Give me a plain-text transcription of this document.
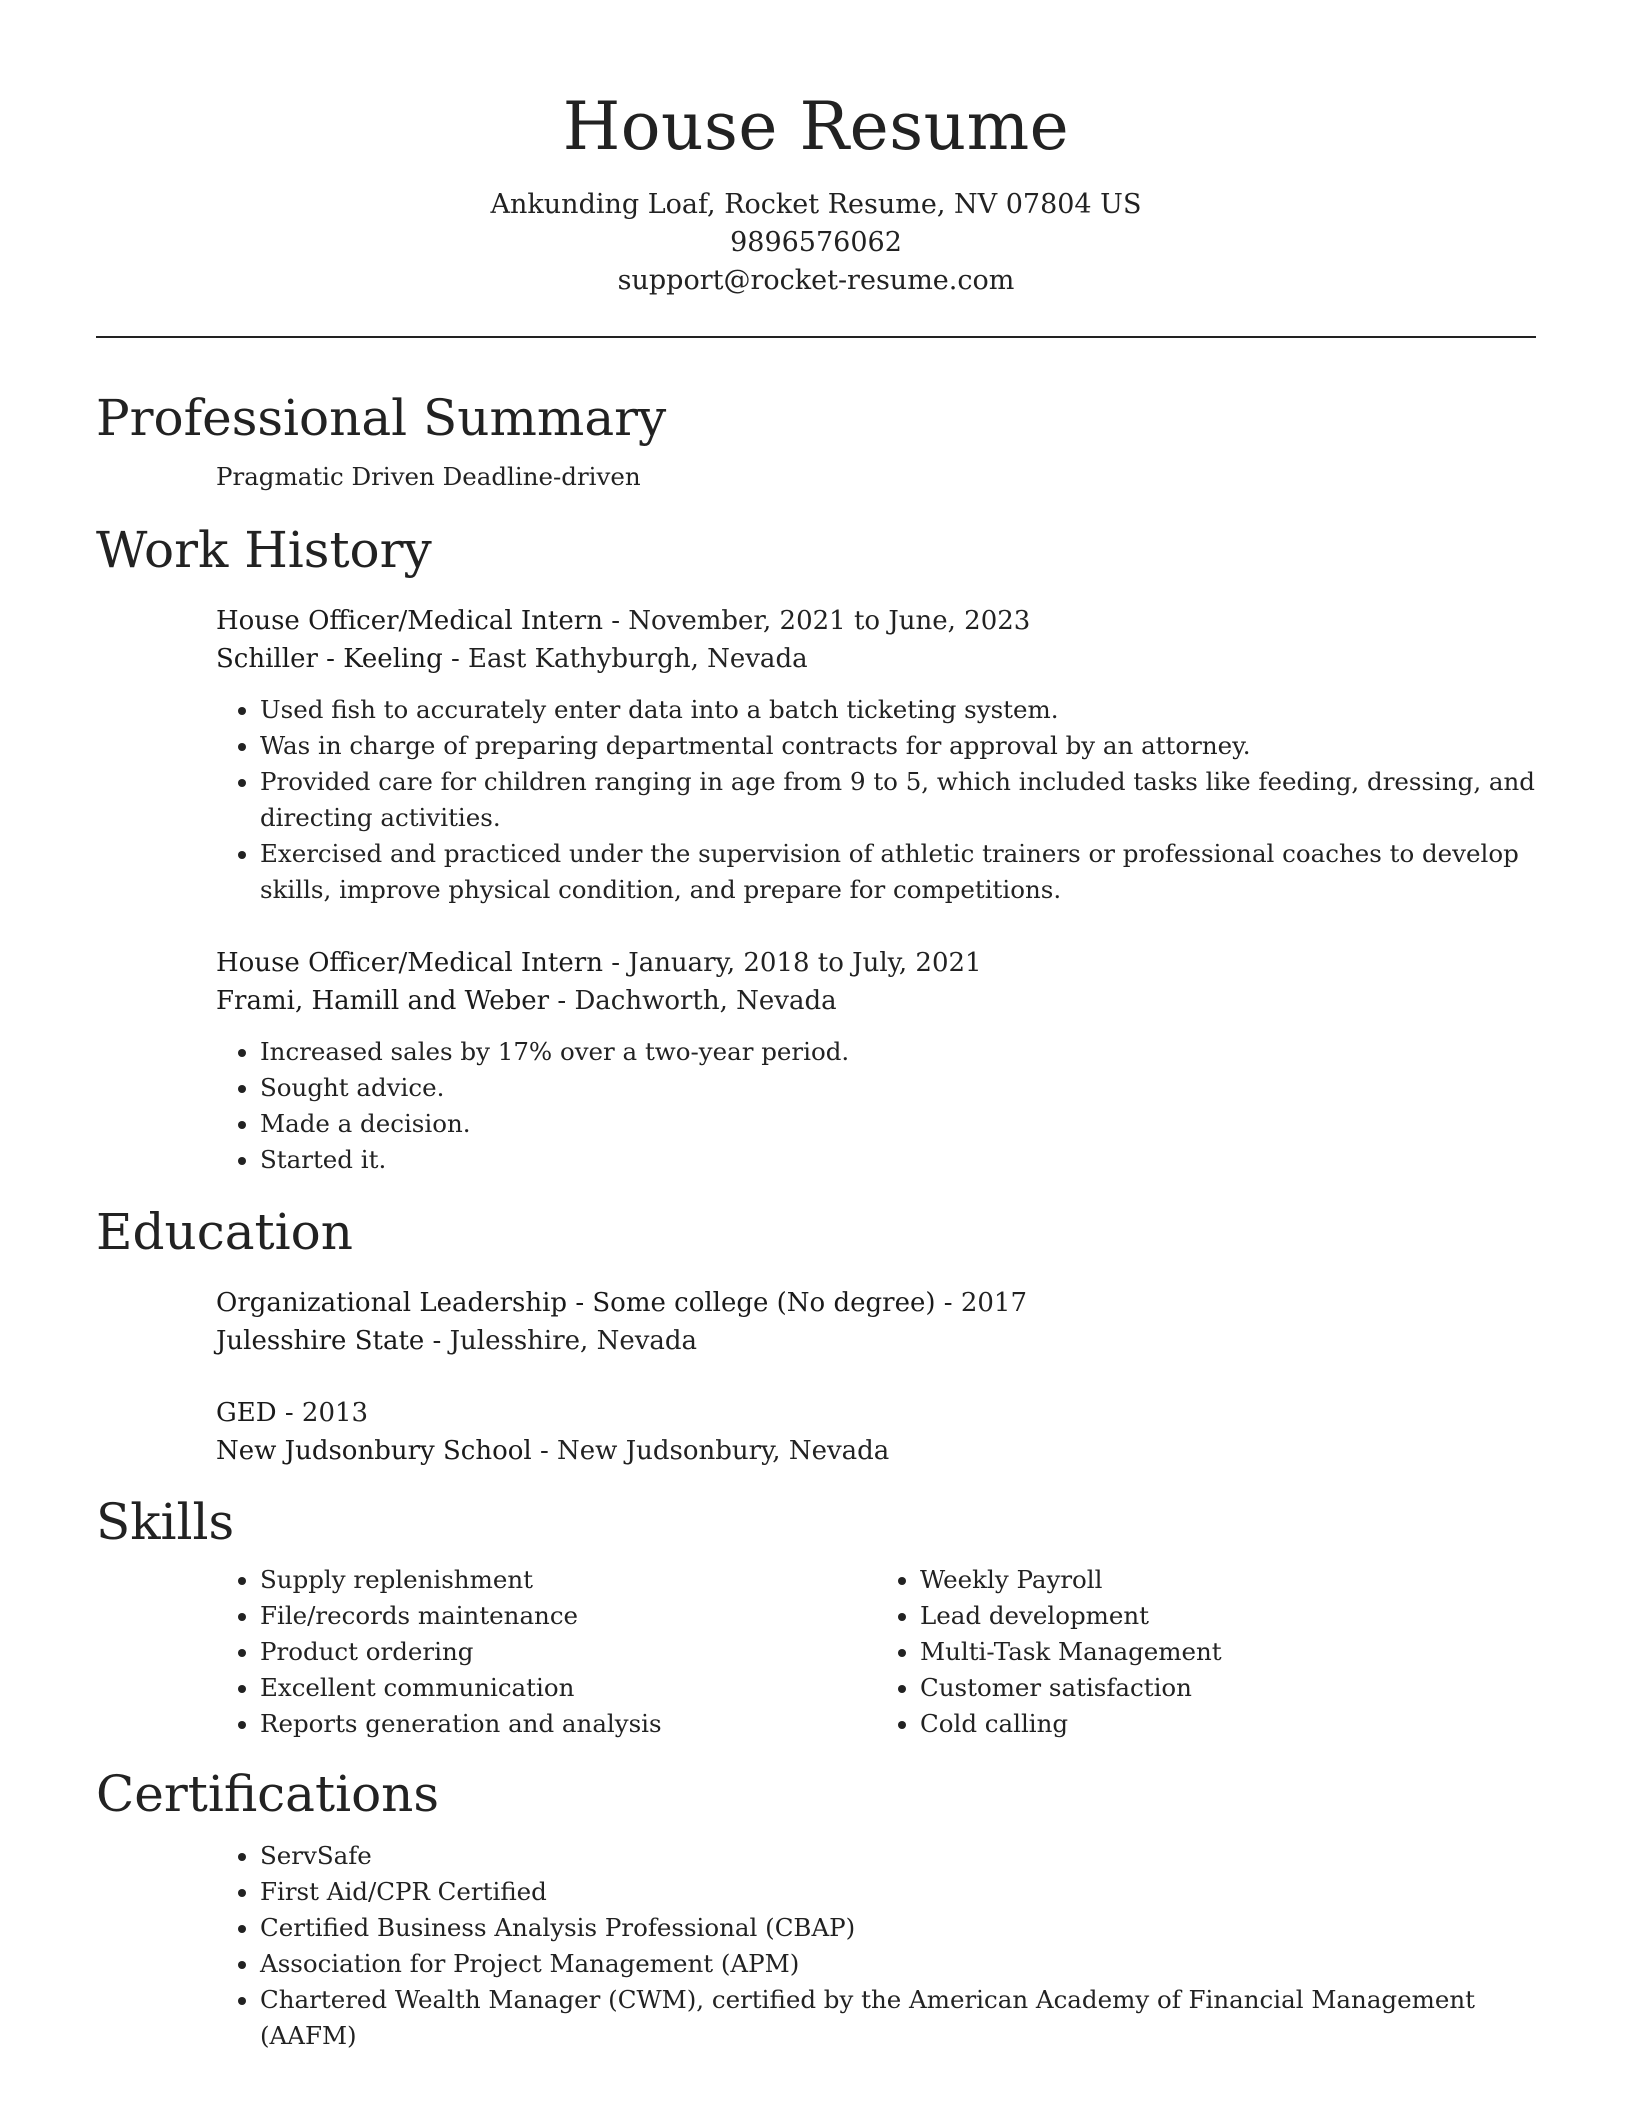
House Resume

Ankunding Loaf, Rocket Resume, NV 07804 US

9896576062

support@rocket-resume.com

Professional Summary

Pragmatic Driven Deadline-driven

Work History

House Officer/Medical Intern - November, 2021 to June, 2023

Schiller - Keeling - East Kathyburgh, Nevada

• Used fish to accurately enter data into a batch ticketing system.
• Was in charge of preparing departmental contracts for approval by an attorney.
• Provided care for children ranging in age from 9 to 5, which included tasks like feeding, dressing, and directing activities.
• Exercised and practiced under the supervision of athletic trainers or professional coaches to develop skills, improve physical condition, and prepare for competitions.

House Officer/Medical Intern - January, 2018 to July, 2021

Frami, Hamill and Weber - Dachworth, Nevada

• Increased sales by 17% over a two-year period.
• Sought advice.
• Made a decision.
• Started it.
Education

Organizational Leadership - Some college (No degree) - 2017

Julesshire State - Julesshire, Nevada

GED - 2013

New Judsonbury School - New Judsonbury, Nevada

Skills
• Supply replenishment
• File/records maintenance
• Product ordering
• Excellent communication
• Reports generation and analysis
• Weekly Payroll
• Lead development
• Multi-Task Management
• Customer satisfaction
• Cold calling
Certifications
• ServSafe
• First Aid/CPR Certified
• Certified Business Analysis Professional (CBAP)
• Association for Project Management (APM)
• Chartered Wealth Manager (CWM), certified by the American Academy of Financial Management (AAFM)
